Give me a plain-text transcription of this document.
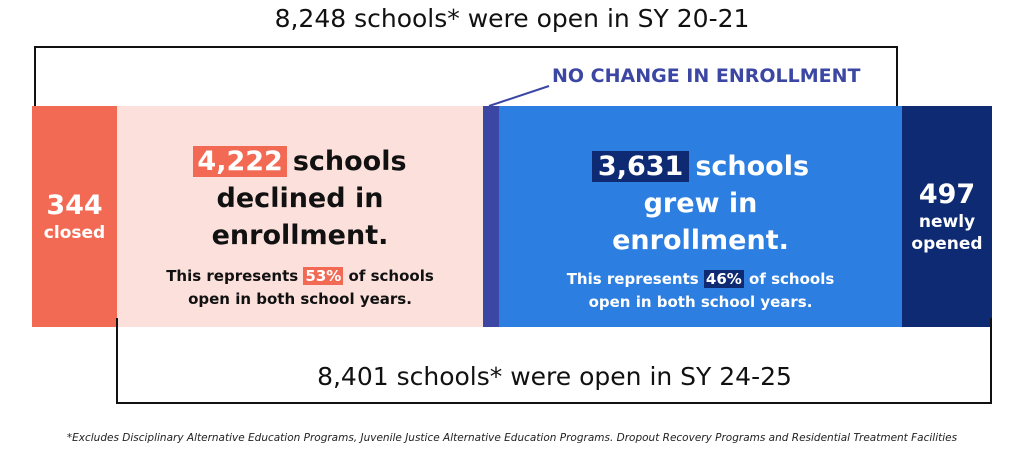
8,248 schools* were open in SY 20-21
NO CHANGE IN ENROLLMENT
344
closed
497
newly
opened
4,222 schools
declined in
enrollment.
This represents 53% of schools
open in both school years.
3,631 schools
grew in
enrollment.
This represents 46% of schools
open in both school years.
8,401 schools* were open in SY 24-25
*Excludes Disciplinary Alternative Education Programs, Juvenile Justice Alternative Education Programs. Dropout Recovery Programs and Residential Treatment Facilities
